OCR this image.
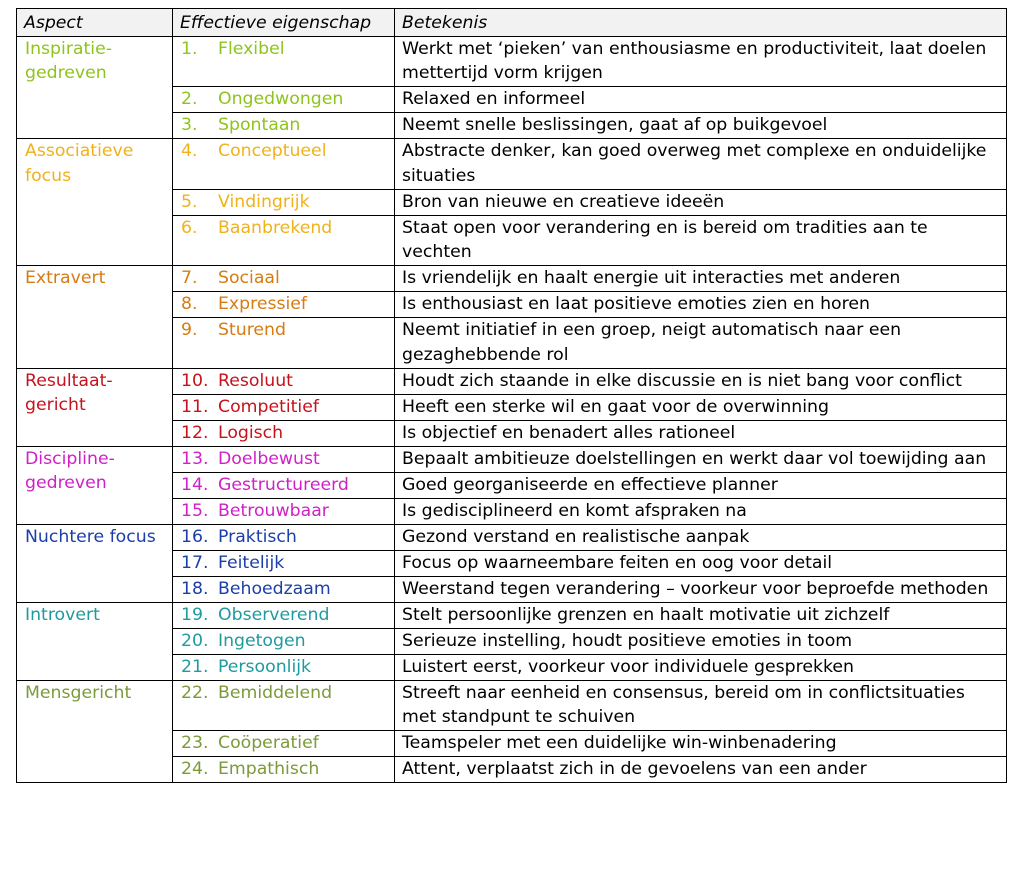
Aspect	Effectieve eigenschap	Betekenis
Inspiratie-gedreven	1. Flexibel	Werkt met ‘pieken’ van enthousiasme en productiviteit, laat doelen mettertijd vorm krijgen
	2. Ongedwongen	Relaxed en informeel
	3. Spontaan	Neemt snelle beslissingen, gaat af op buikgevoel
Associatieve focus	4. Conceptueel	Abstracte denker, kan goed overweg met complexe en onduidelijke situaties
	5. Vindingrijk	Bron van nieuwe en creatieve ideeën
	6. Baanbrekend	Staat open voor verandering en is bereid om tradities aan te vechten
Extravert	7. Sociaal	Is vriendelijk en haalt energie uit interacties met anderen
	8. Expressief	Is enthousiast en laat positieve emoties zien en horen
	9. Sturend	Neemt initiatief in een groep, neigt automatisch naar een gezaghebbende rol
Resultaat-gericht	10. Resoluut	Houdt zich staande in elke discussie en is niet bang voor conflict
	11. Competitief	Heeft een sterke wil en gaat voor de overwinning
	12. Logisch	Is objectief en benadert alles rationeel
Discipline-gedreven	13. Doelbewust	Bepaalt ambitieuze doelstellingen en werkt daar vol toewijding aan
	14. Gestructureerd	Goed georganiseerde en effectieve planner
	15. Betrouwbaar	Is gedisciplineerd en komt afspraken na
Nuchtere focus	16. Praktisch	Gezond verstand en realistische aanpak
	17. Feitelijk	Focus op waarneembare feiten en oog voor detail
	18. Behoedzaam	Weerstand tegen verandering – voorkeur voor beproefde methoden
Introvert	19. Observerend	Stelt persoonlijke grenzen en haalt motivatie uit zichzelf
	20. Ingetogen	Serieuze instelling, houdt positieve emoties in toom
	21. Persoonlijk	Luistert eerst, voorkeur voor individuele gesprekken
Mensgericht	22. Bemiddelend	Streeft naar eenheid en consensus, bereid om in conflictsituaties met standpunt te schuiven
	23. Coöperatief	Teamspeler met een duidelijke win-winbenadering
	24. Empathisch	Attent, verplaatst zich in de gevoelens van een ander
